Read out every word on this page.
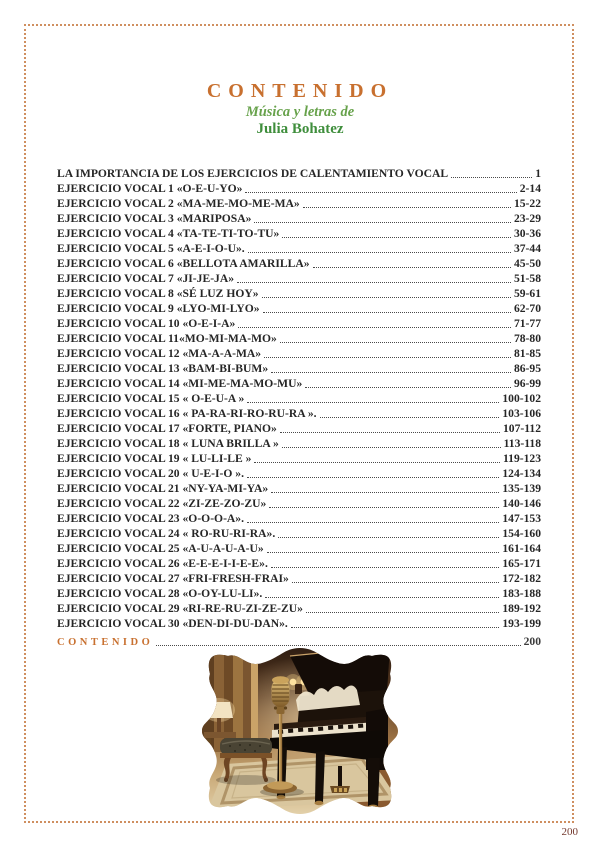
CONTENIDO

Música y letras de

Julia Bohatez

LA IMPORTANCIA DE LOS EJERCICIOS DE CALENTAMIENTO VOCAL	1
EJERCICIO VOCAL 1 «O-E-U-YO»	2-14
EJERCICIO VOCAL 2 «MA-ME-MO-ME-MA»	15-22
EJERCICIO VOCAL 3 «MARIPOSA»	23-29
EJERCICIO VOCAL 4 «TA-TE-TI-TO-TU»	30-36
EJERCICIO VOCAL 5 «A-E-I-O-U».	37-44
EJERCICIO VOCAL 6 «BELLOTA AMARILLA»	45-50
EJERCICIO VOCAL 7 «JI-JE-JA»	51-58
EJERCICIO VOCAL 8 «SÉ LUZ HOY»	59-61
EJERCICIO VOCAL 9 «LYO-MI-LYO»	62-70
EJERCICIO VOCAL 10 «O-E-I-A»	71-77
EJERCICIO VOCAL 11«MO-MI-MA-MO»	78-80
EJERCICIO VOCAL 12 «MA-A-A-MA»	81-85
EJERCICIO VOCAL 13 «BAM-BI-BUM»	86-95
EJERCICIO VOCAL 14 «MI-ME-MA-MO-MU»	96-99
EJERCICIO VOCAL 15 « O-E-U-A »	100-102
EJERCICIO VOCAL 16 « PA-RA-RI-RO-RU-RA ».	103-106
EJERCICIO VOCAL 17 «FORTE, PIANO»	107-112
EJERCICIO VOCAL 18 « LUNA BRILLA »	113-118
EJERCICIO VOCAL 19 « LU-LI-LE »	119-123
EJERCICIO VOCAL 20 « U-E-I-O ».	124-134
EJERCICIO VOCAL 21 «NY-YA-MI-YA»	135-139
EJERCICIO VOCAL 22 «ZI-ZE-ZO-ZU»	140-146
EJERCICIO VOCAL 23 «O-O-O-A».	147-153
EJERCICIO VOCAL 24 « RO-RU-RI-RA».	154-160
EJERCICIO VOCAL 25 «A-U-A-U-A-U»	161-164
EJERCICIO VOCAL 26 «E-E-E-I-I-E-E».	165-171
EJERCICIO VOCAL 27 «FRI-FRESH-FRAI»	172-182
EJERCICIO VOCAL 28 «O-OY-LU-LI».	183-188
EJERCICIO VOCAL 29 «RI-RE-RU-ZI-ZE-ZU»	189-192
EJERCICIO VOCAL 30 «DEN-DI-DU-DAN».	193-199
CONTENIDO	200
200
